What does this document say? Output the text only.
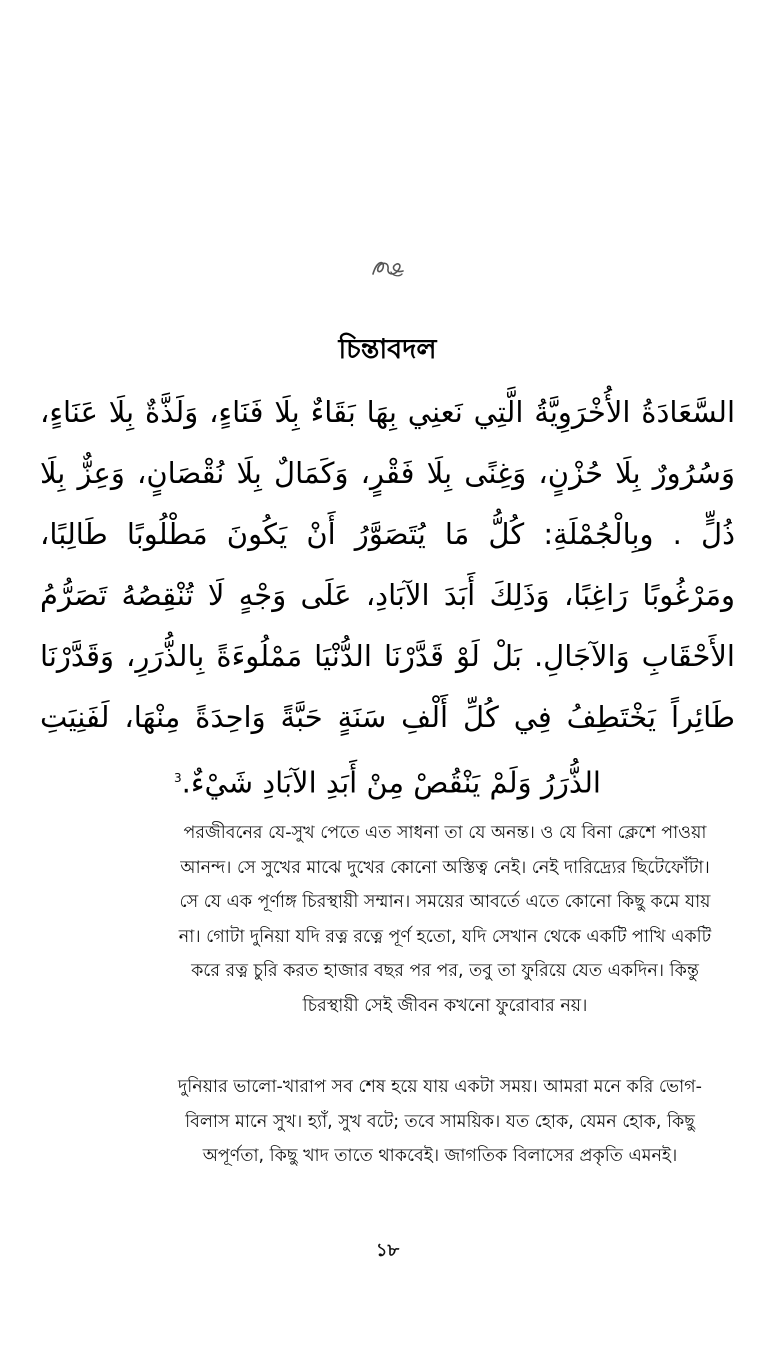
চিন্তাবদল
السَّعَادَةُ الأُخْرَوِيَّةُ الَّتِي نَعنِي بِهَا بَقَاءٌ بِلَا فَنَاءٍ، وَلَذَّةٌ بِلَا عَنَاءٍ، وَسُرُورٌ بِلَا حُزْنٍ، وَغِنًى بِلَا فَقْرٍ، وَكَمَالٌ بِلَا نُقْصَانٍ، وَعِزٌّ بِلَا ذُلٍّ . وبِالْجُمْلَةِ: كُلُّ مَا يُتَصَوَّرُ أَنْ يَكُونَ مَطْلُوبًا طَالِبًا، ومَرْغُوبًا رَاغِبًا، وَذَلِكَ أَبَدَ الآبَادِ، عَلَى وَجْهٍ لَا تُنْقِصُهُ تَصَرُّمُ الأَحْقَابِ وَالآجَالِ. بَلْ لَوْ قَدَّرْنَا الدُّنْيَا مَمْلُوءَةً بِالذُّرَرِ، وَقَدَّرْنَا طَائِراً يَخْتَطِفُ فِي كُلِّ أَلْفِ سَنَةٍ حَبَّةً وَاحِدَةً مِنْهَا، لَفَنِيَتِ الذُّرَرُ وَلَمْ يَنْقُصْ مِنْ أَبَدِ الآبَادِ شَيْءٌ.$^3$
পরজীবনের যে-সুখ পেতে এত সাধনা তা যে অনন্ত। ও যে বিনা ক্লেশে পাওয়া আনন্দ। সে সুখের মাঝে দুখের কোনো অস্তিত্ব নেই। নেই দারিদ্র্যের ছিটেফোঁটা। সে যে এক পূর্ণাঙ্গ চিরস্থায়ী সম্মান। সময়ের আবর্তে এতে কোনো কিছু কমে যায় না। গোটা দুনিয়া যদি রত্ন রত্নে পূর্ণ হতো, যদি সেখান থেকে একটি পাখি একটি করে রত্ন চুরি করত হাজার বছর পর পর, তবু তা ফুরিয়ে যেত একদিন। কিন্তু চিরস্থায়ী সেই জীবন কখনো ফুরোবার নয়।
দুনিয়ার ভালো-খারাপ সব শেষ হয়ে যায় একটা সময়। আমরা মনে করি ভোগ-বিলাস মানে সুখ। হ্যাঁ, সুখ বটে; তবে সাময়িক। যত হোক, যেমন হোক, কিছু অপূর্ণতা, কিছু খাদ তাতে থাকবেই। জাগতিক বিলাসের প্রকৃতি এমনই।
১৮
